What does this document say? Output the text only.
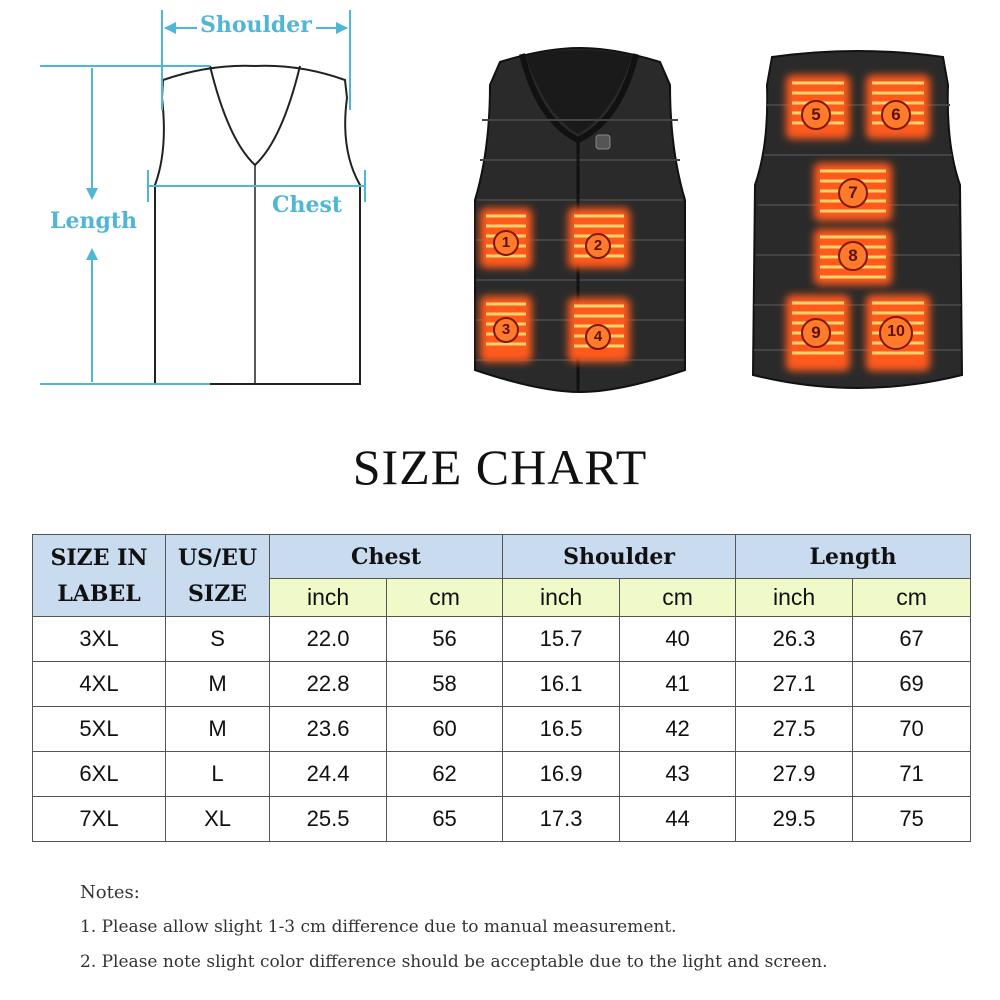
Shoulder
Chest
Length
1	2
3	4
5	6
7
8
9	10
SIZE CHART
SIZE IN LABEL	US/EU SIZE	Chest		Shoulder		Length	
		inch	cm	inch	cm	inch	cm
3XL	S	22.0	56	15.7	40	26.3	67
4XL	M	22.8	58	16.1	41	27.1	69
5XL	M	23.6	60	16.5	42	27.5	70
6XL	L	24.4	62	16.9	43	27.9	71
7XL	XL	25.5	65	17.3	44	29.5	75
Notes:
1. Please allow slight 1-3 cm difference due to manual measurement.
2. Please note slight color difference should be acceptable due to the light and screen.
